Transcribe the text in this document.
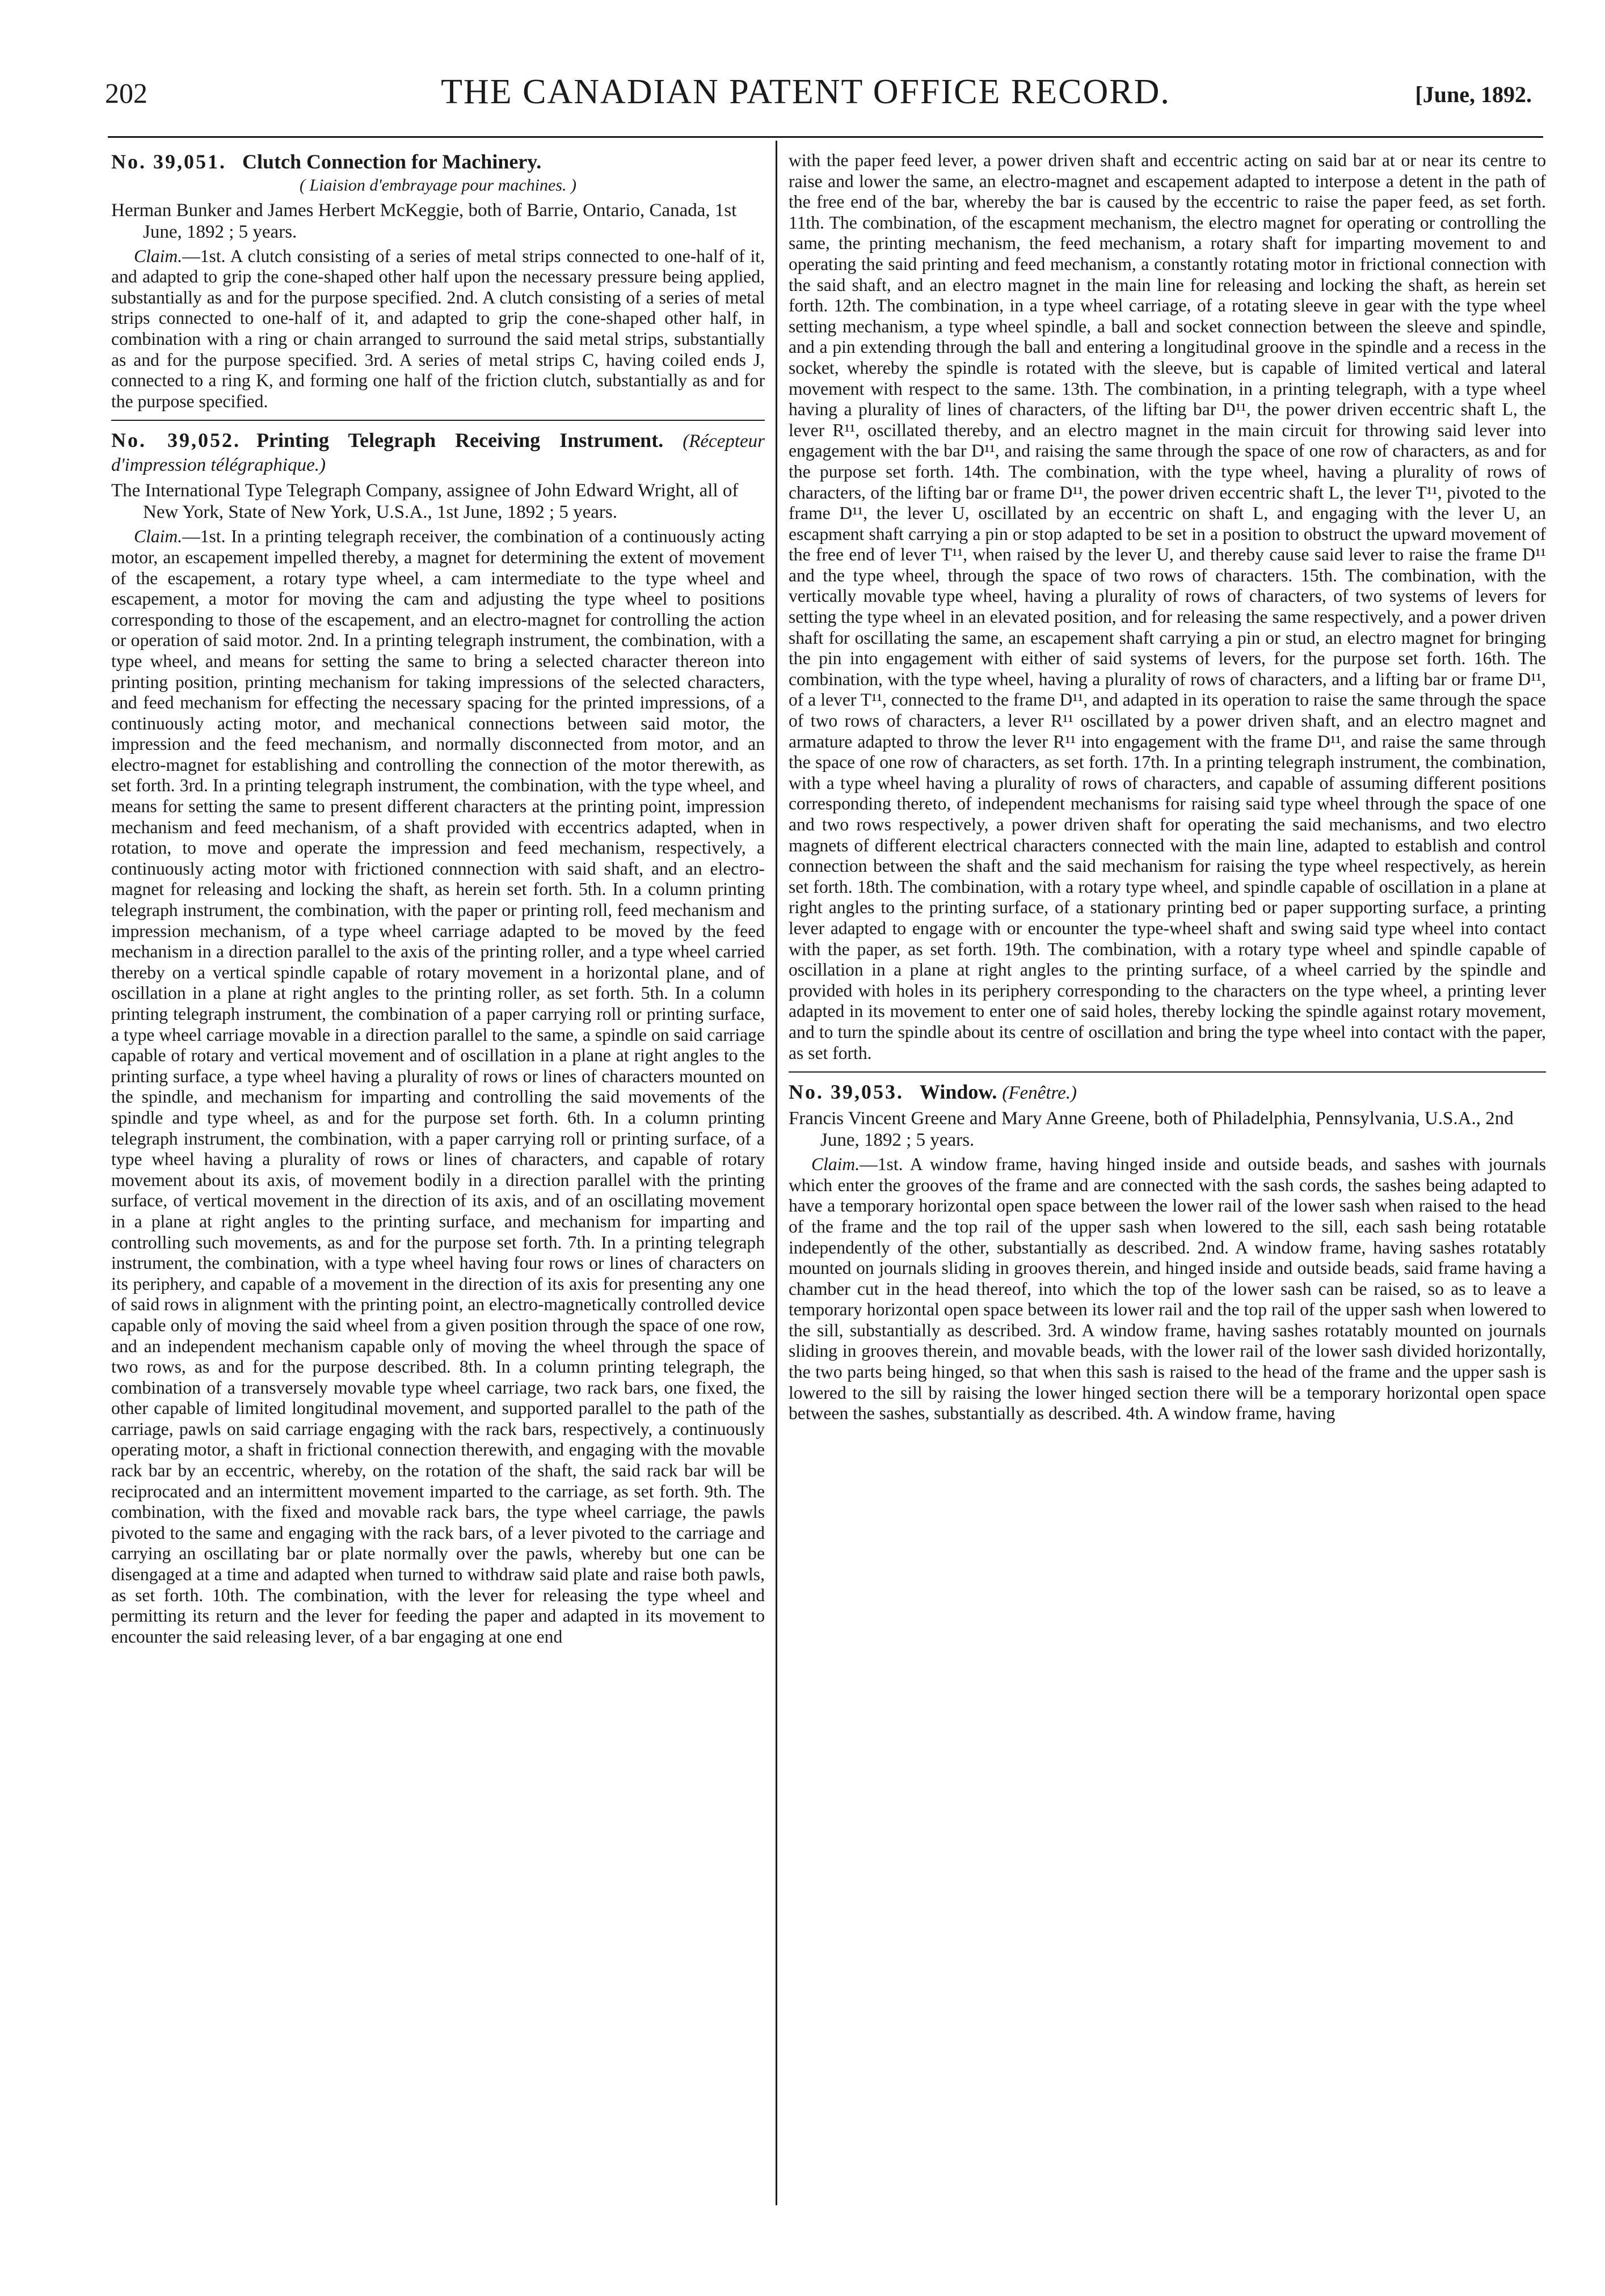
202	THE CANADIAN PATENT OFFICE RECORD.	[June, 1892.
No. 39,051. Clutch Connection for Machinery.
( Liaision d'embrayage pour machines. )

Herman Bunker and James Herbert McKeggie, both of Barrie, Ontario, Canada, 1st June, 1892 ; 5 years.

Claim.—1st. A clutch consisting of a series of metal strips connected to one-half of it, and adapted to grip the cone-shaped other half upon the necessary pressure being applied, substantially as and for the purpose specified. 2nd. A clutch consisting of a series of metal strips connected to one-half of it, and adapted to grip the cone-shaped other half, in combination with a ring or chain arranged to surround the said metal strips, substantially as and for the purpose specified. 3rd. A series of metal strips C, having coiled ends J, connected to a ring K, and forming one half of the friction clutch, substantially as and for the purpose specified.

No. 39,052. Printing Telegraph Receiving Instrument. (Récepteur d'impression télégraphique.)

The International Type Telegraph Company, assignee of John Edward Wright, all of New York, State of New York, U.S.A., 1st June, 1892 ; 5 years.

Claim.—1st. In a printing telegraph receiver, the combination of a continuously acting motor, an escapement impelled thereby, a magnet for determining the extent of movement of the escapement, a rotary type wheel, a cam intermediate to the type wheel and escapement, a motor for moving the cam and adjusting the type wheel to positions corresponding to those of the escapement, and an electro-magnet for controlling the action or operation of said motor. 2nd. In a printing telegraph instrument, the combination, with a type wheel, and means for setting the same to bring a selected character thereon into printing position, printing mechanism for taking impressions of the selected characters, and feed mechanism for effecting the necessary spacing for the printed impressions, of a continuously acting motor, and mechanical connections between said motor, the impression and the feed mechanism, and normally disconnected from motor, and an electro-magnet for establishing and controlling the connection of the motor therewith, as set forth. 3rd. In a printing telegraph instrument, the combination, with the type wheel, and means for setting the same to present different characters at the printing point, impression mechanism and feed mechanism, of a shaft provided with eccentrics adapted, when in rotation, to move and operate the impression and feed mechanism, respectively, a continuously acting motor with frictioned connnection with said shaft, and an electro-magnet for releasing and locking the shaft, as herein set forth. 5th. In a column printing telegraph instrument, the combination, with the paper or printing roll, feed mechanism and impression mechanism, of a type wheel carriage adapted to be moved by the feed mechanism in a direction parallel to the axis of the printing roller, and a type wheel carried thereby on a vertical spindle capable of rotary movement in a horizontal plane, and of oscillation in a plane at right angles to the printing roller, as set forth. 5th. In a column printing telegraph instrument, the combination of a paper carrying roll or printing surface, a type wheel carriage movable in a direction parallel to the same, a spindle on said carriage capable of rotary and vertical movement and of oscillation in a plane at right angles to the printing surface, a type wheel having a plurality of rows or lines of characters mounted on the spindle, and mechanism for imparting and controlling the said movements of the spindle and type wheel, as and for the purpose set forth. 6th. In a column printing telegraph instrument, the combination, with a paper carrying roll or printing surface, of a type wheel having a plurality of rows or lines of characters, and capable of rotary movement about its axis, of movement bodily in a direction parallel with the printing surface, of vertical movement in the direction of its axis, and of an oscillating movement in a plane at right angles to the printing surface, and mechanism for imparting and controlling such movements, as and for the purpose set forth. 7th. In a printing telegraph instrument, the combination, with a type wheel having four rows or lines of characters on its periphery, and capable of a movement in the direction of its axis for presenting any one of said rows in alignment with the printing point, an electro-magnetically controlled device capable only of moving the said wheel from a given position through the space of one row, and an independent mechanism capable only of moving the wheel through the space of two rows, as and for the purpose described. 8th. In a column printing telegraph, the combination of a transversely movable type wheel carriage, two rack bars, one fixed, the other capable of limited longitudinal movement, and supported parallel to the path of the carriage, pawls on said carriage engaging with the rack bars, respectively, a continuously operating motor, a shaft in frictional connection therewith, and engaging with the movable rack bar by an eccentric, whereby, on the rotation of the shaft, the said rack bar will be reciprocated and an intermittent movement imparted to the carriage, as set forth. 9th. The combination, with the fixed and movable rack bars, the type wheel carriage, the pawls pivoted to the same and engaging with the rack bars, of a lever pivoted to the carriage and carrying an oscillating bar or plate normally over the pawls, whereby but one can be disengaged at a time and adapted when turned to withdraw said plate and raise both pawls, as set forth. 10th. The combination, with the lever for releasing the type wheel and permitting its return and the lever for feeding the paper and adapted in its movement to encounter the said releasing lever, of a bar engaging at one end

with the paper feed lever, a power driven shaft and eccentric acting on said bar at or near its centre to raise and lower the same, an electro-magnet and escapement adapted to interpose a detent in the path of the free end of the bar, whereby the bar is caused by the eccentric to raise the paper feed, as set forth. 11th. The combination, of the escapment mechanism, the electro magnet for operating or controlling the same, the printing mechanism, the feed mechanism, a rotary shaft for imparting movement to and operating the said printing and feed mechanism, a constantly rotating motor in frictional connection with the said shaft, and an electro magnet in the main line for releasing and locking the shaft, as herein set forth. 12th. The combination, in a type wheel carriage, of a rotating sleeve in gear with the type wheel setting mechanism, a type wheel spindle, a ball and socket connection between the sleeve and spindle, and a pin extending through the ball and entering a longitudinal groove in the spindle and a recess in the socket, whereby the spindle is rotated with the sleeve, but is capable of limited vertical and lateral movement with respect to the same. 13th. The combination, in a printing telegraph, with a type wheel having a plurality of lines of characters, of the lifting bar D¹¹, the power driven eccentric shaft L, the lever R¹¹, oscillated thereby, and an electro magnet in the main circuit for throwing said lever into engagement with the bar D¹¹, and raising the same through the space of one row of characters, as and for the purpose set forth. 14th. The combination, with the type wheel, having a plurality of rows of characters, of the lifting bar or frame D¹¹, the power driven eccentric shaft L, the lever T¹¹, pivoted to the frame D¹¹, the lever U, oscillated by an eccentric on shaft L, and engaging with the lever U, an escapment shaft carrying a pin or stop adapted to be set in a position to obstruct the upward movement of the free end of lever T¹¹, when raised by the lever U, and thereby cause said lever to raise the frame D¹¹ and the type wheel, through the space of two rows of characters. 15th. The combination, with the vertically movable type wheel, having a plurality of rows of characters, of two systems of levers for setting the type wheel in an elevated position, and for releasing the same respectively, and a power driven shaft for oscillating the same, an escapement shaft carrying a pin or stud, an electro magnet for bringing the pin into engagement with either of said systems of levers, for the purpose set forth. 16th. The combination, with the type wheel, having a plurality of rows of characters, and a lifting bar or frame D¹¹, of a lever T¹¹, connected to the frame D¹¹, and adapted in its operation to raise the same through the space of two rows of characters, a lever R¹¹ oscillated by a power driven shaft, and an electro magnet and armature adapted to throw the lever R¹¹ into engagement with the frame D¹¹, and raise the same through the space of one row of characters, as set forth. 17th. In a printing telegraph instrument, the combination, with a type wheel having a plurality of rows of characters, and capable of assuming different positions corresponding thereto, of independent mechanisms for raising said type wheel through the space of one and two rows respectively, a power driven shaft for operating the said mechanisms, and two electro magnets of different electrical characters connected with the main line, adapted to establish and control connection between the shaft and the said mechanism for raising the type wheel respectively, as herein set forth. 18th. The combination, with a rotary type wheel, and spindle capable of oscillation in a plane at right angles to the printing surface, of a stationary printing bed or paper supporting surface, a printing lever adapted to engage with or encounter the type-wheel shaft and swing said type wheel into contact with the paper, as set forth. 19th. The combination, with a rotary type wheel and spindle capable of oscillation in a plane at right angles to the printing surface, of a wheel carried by the spindle and provided with holes in its periphery corresponding to the characters on the type wheel, a printing lever adapted in its movement to enter one of said holes, thereby locking the spindle against rotary movement, and to turn the spindle about its centre of oscillation and bring the type wheel into contact with the paper, as set forth.

No. 39,053. Window. (Fenêtre.)

Francis Vincent Greene and Mary Anne Greene, both of Philadelphia, Pennsylvania, U.S.A., 2nd June, 1892 ; 5 years.

Claim.—1st. A window frame, having hinged inside and outside beads, and sashes with journals which enter the grooves of the frame and are connected with the sash cords, the sashes being adapted to have a temporary horizontal open space between the lower rail of the lower sash when raised to the head of the frame and the top rail of the upper sash when lowered to the sill, each sash being rotatable independently of the other, substantially as described. 2nd. A window frame, having sashes rotatably mounted on journals sliding in grooves therein, and hinged inside and outside beads, said frame having a chamber cut in the head thereof, into which the top of the lower sash can be raised, so as to leave a temporary horizontal open space between its lower rail and the top rail of the upper sash when lowered to the sill, substantially as described. 3rd. A window frame, having sashes rotatably mounted on journals sliding in grooves therein, and movable beads, with the lower rail of the lower sash divided horizontally, the two parts being hinged, so that when this sash is raised to the head of the frame and the upper sash is lowered to the sill by raising the lower hinged section there will be a temporary horizontal open space between the sashes, substantially as described. 4th. A window frame, having
